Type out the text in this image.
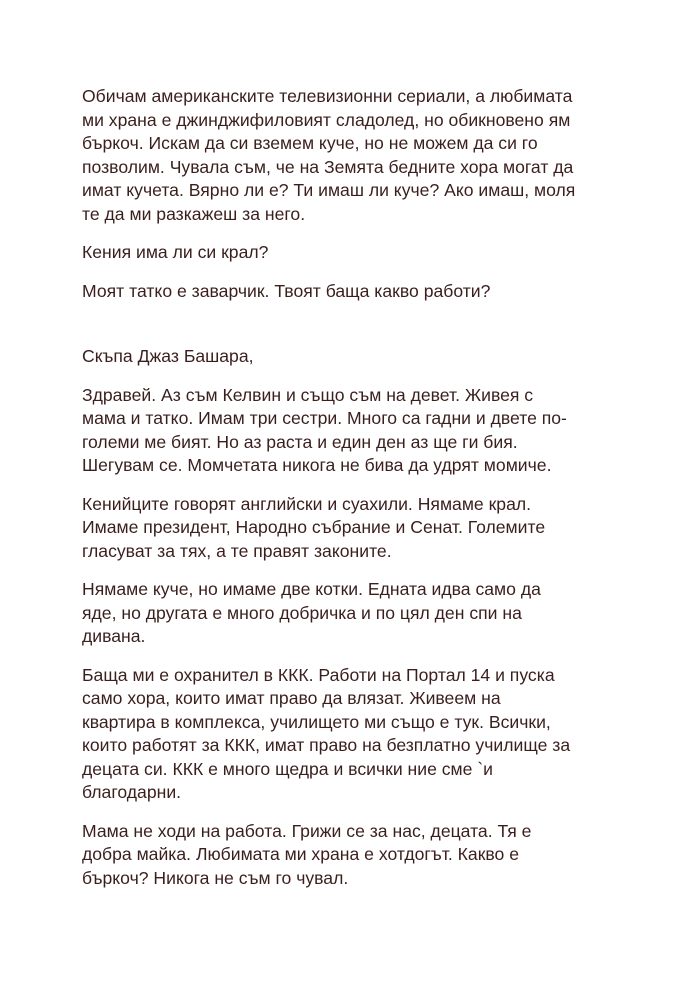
Обичам американските телевизионни сериали, а любимата
ми храна е джинджифиловият сладолед, но обикновено ям
бъркоч. Искам да си вземем куче, но не можем да си го
позволим. Чувала съм, че на Земята бедните хора могат да
имат кучета. Вярно ли е? Ти имаш ли куче? Ако имаш, моля
те да ми разкажеш за него.

Кения има ли си крал?

Моят татко е заварчик. Твоят баща какво работи?

Скъпа Джаз Башара,

Здравей. Аз съм Келвин и също съм на девет. Живея с
мама и татко. Имам три сестри. Много са гадни и двете по-
големи ме бият. Но аз раста и един ден аз ще ги бия.
Шегувам се. Момчетата никога не бива да удрят момиче.

Кенийците говорят английски и суахили. Нямаме крал.
Имаме президент, Народно събрание и Сенат. Големите
гласуват за тях, а те правят законите.

Нямаме куче, но имаме две котки. Едната идва само да
яде, но другата е много добричка и по цял ден спи на
дивана.

Баща ми е охранител в ККК. Работи на Портал 14 и пуска
само хора, които имат право да влязат. Живеем на
квартира в комплекса, училището ми също е тук. Всички,
които работят за ККК, имат право на безплатно училище за
децата си. ККК е много щедра и всички ние сме `и
благодарни.

Мама не ходи на работа. Грижи се за нас, децата. Тя е
добра майка. Любимата ми храна е хотдогът. Какво е
бъркоч? Никога не съм го чувал.
